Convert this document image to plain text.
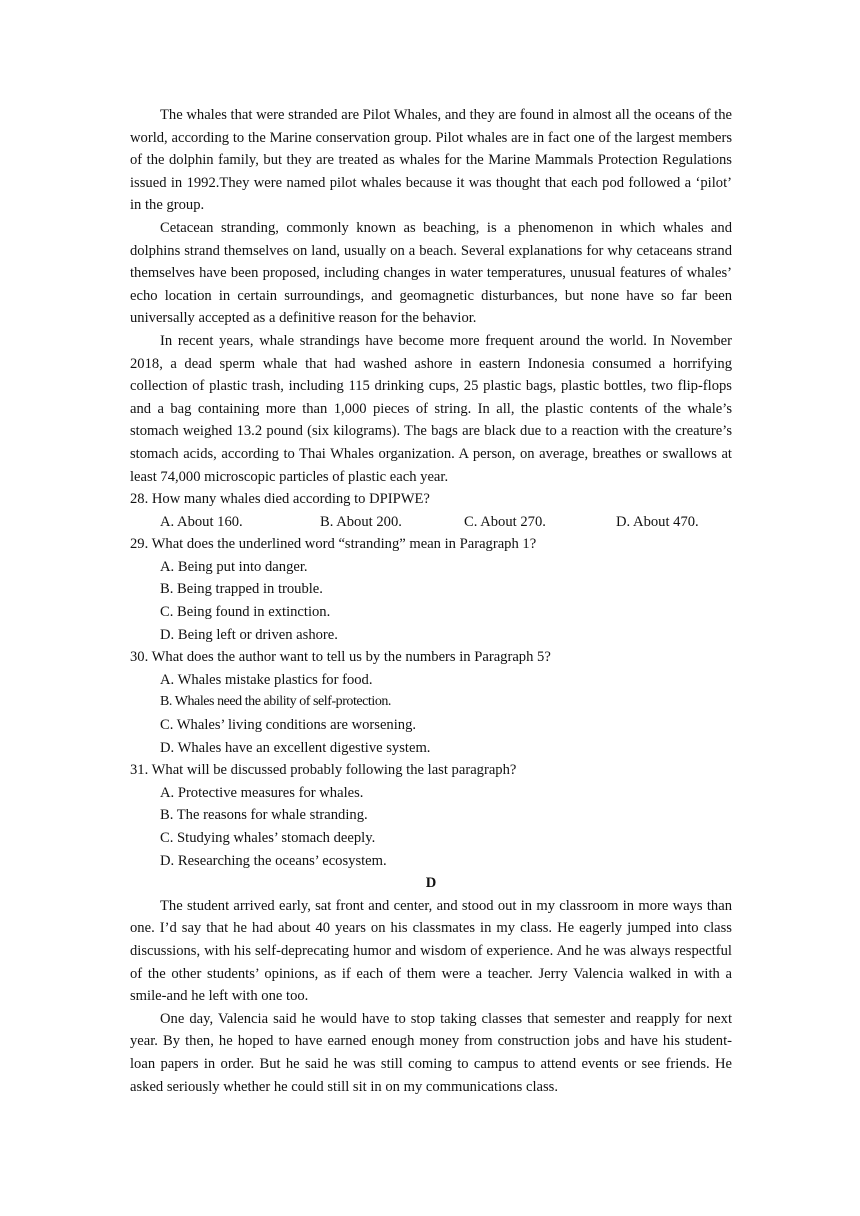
The whales that were stranded are Pilot Whales, and they are found in almost all the oceans of the world, according to the Marine conservation group. Pilot whales are in fact one of the largest members of the dolphin family, but they are treated as whales for the Marine Mammals Protection Regulations issued in 1992.They were named pilot whales because it was thought that each pod followed a ‘pilot’ in the group.

Cetacean stranding, commonly known as beaching, is a phenomenon in which whales and dolphins strand themselves on land, usually on a beach. Several explanations for why cetaceans strand themselves have been proposed, including changes in water temperatures, unusual features of whales’ echo location in certain surroundings, and geomagnetic disturbances, but none have so far been universally accepted as a definitive reason for the behavior.

In recent years, whale strandings have become more frequent around the world. In November 2018, a dead sperm whale that had washed ashore in eastern Indonesia consumed a horrifying collection of plastic trash, including 115 drinking cups, 25 plastic bags, plastic bottles, two flip-flops and a bag containing more than 1,000 pieces of string. In all, the plastic contents of the whale’s stomach weighed 13.2 pound (six kilograms). The bags are black due to a reaction with the creature’s stomach acids, according to Thai Whales organization. A person, on average, breathes or swallows at least 74,000 microscopic particles of plastic each year.

28. How many whales died according to DPIPWE?

A. About 160.	B. About 200.	C. About 270.	D. About 470.

29. What does the underlined word “stranding” mean in Paragraph 1?

A. Being put into danger.

B. Being trapped in trouble.

C. Being found in extinction.

D. Being left or driven ashore.

30. What does the author want to tell us by the numbers in Paragraph 5?

A. Whales mistake plastics for food.

B. Whales need the ability of self-protection.

C. Whales’ living conditions are worsening.

D. Whales have an excellent digestive system.

31. What will be discussed probably following the last paragraph?

A. Protective measures for whales.

B. The reasons for whale stranding.

C. Studying whales’ stomach deeply.

D. Researching the oceans’ ecosystem.

D

The student arrived early, sat front and center, and stood out in my classroom in more ways than one. I’d say that he had about 40 years on his classmates in my class. He eagerly jumped into class discussions, with his self-deprecating humor and wisdom of experience. And he was always respectful of the other students’ opinions, as if each of them were a teacher. Jerry Valencia walked in with a smile-and he left with one too.

One day, Valencia said he would have to stop taking classes that semester and reapply for next year. By then, he hoped to have earned enough money from construction jobs and have his student-loan papers in order. But he said he was still coming to campus to attend events or see friends. He asked seriously whether he could still sit in on my communications class.
